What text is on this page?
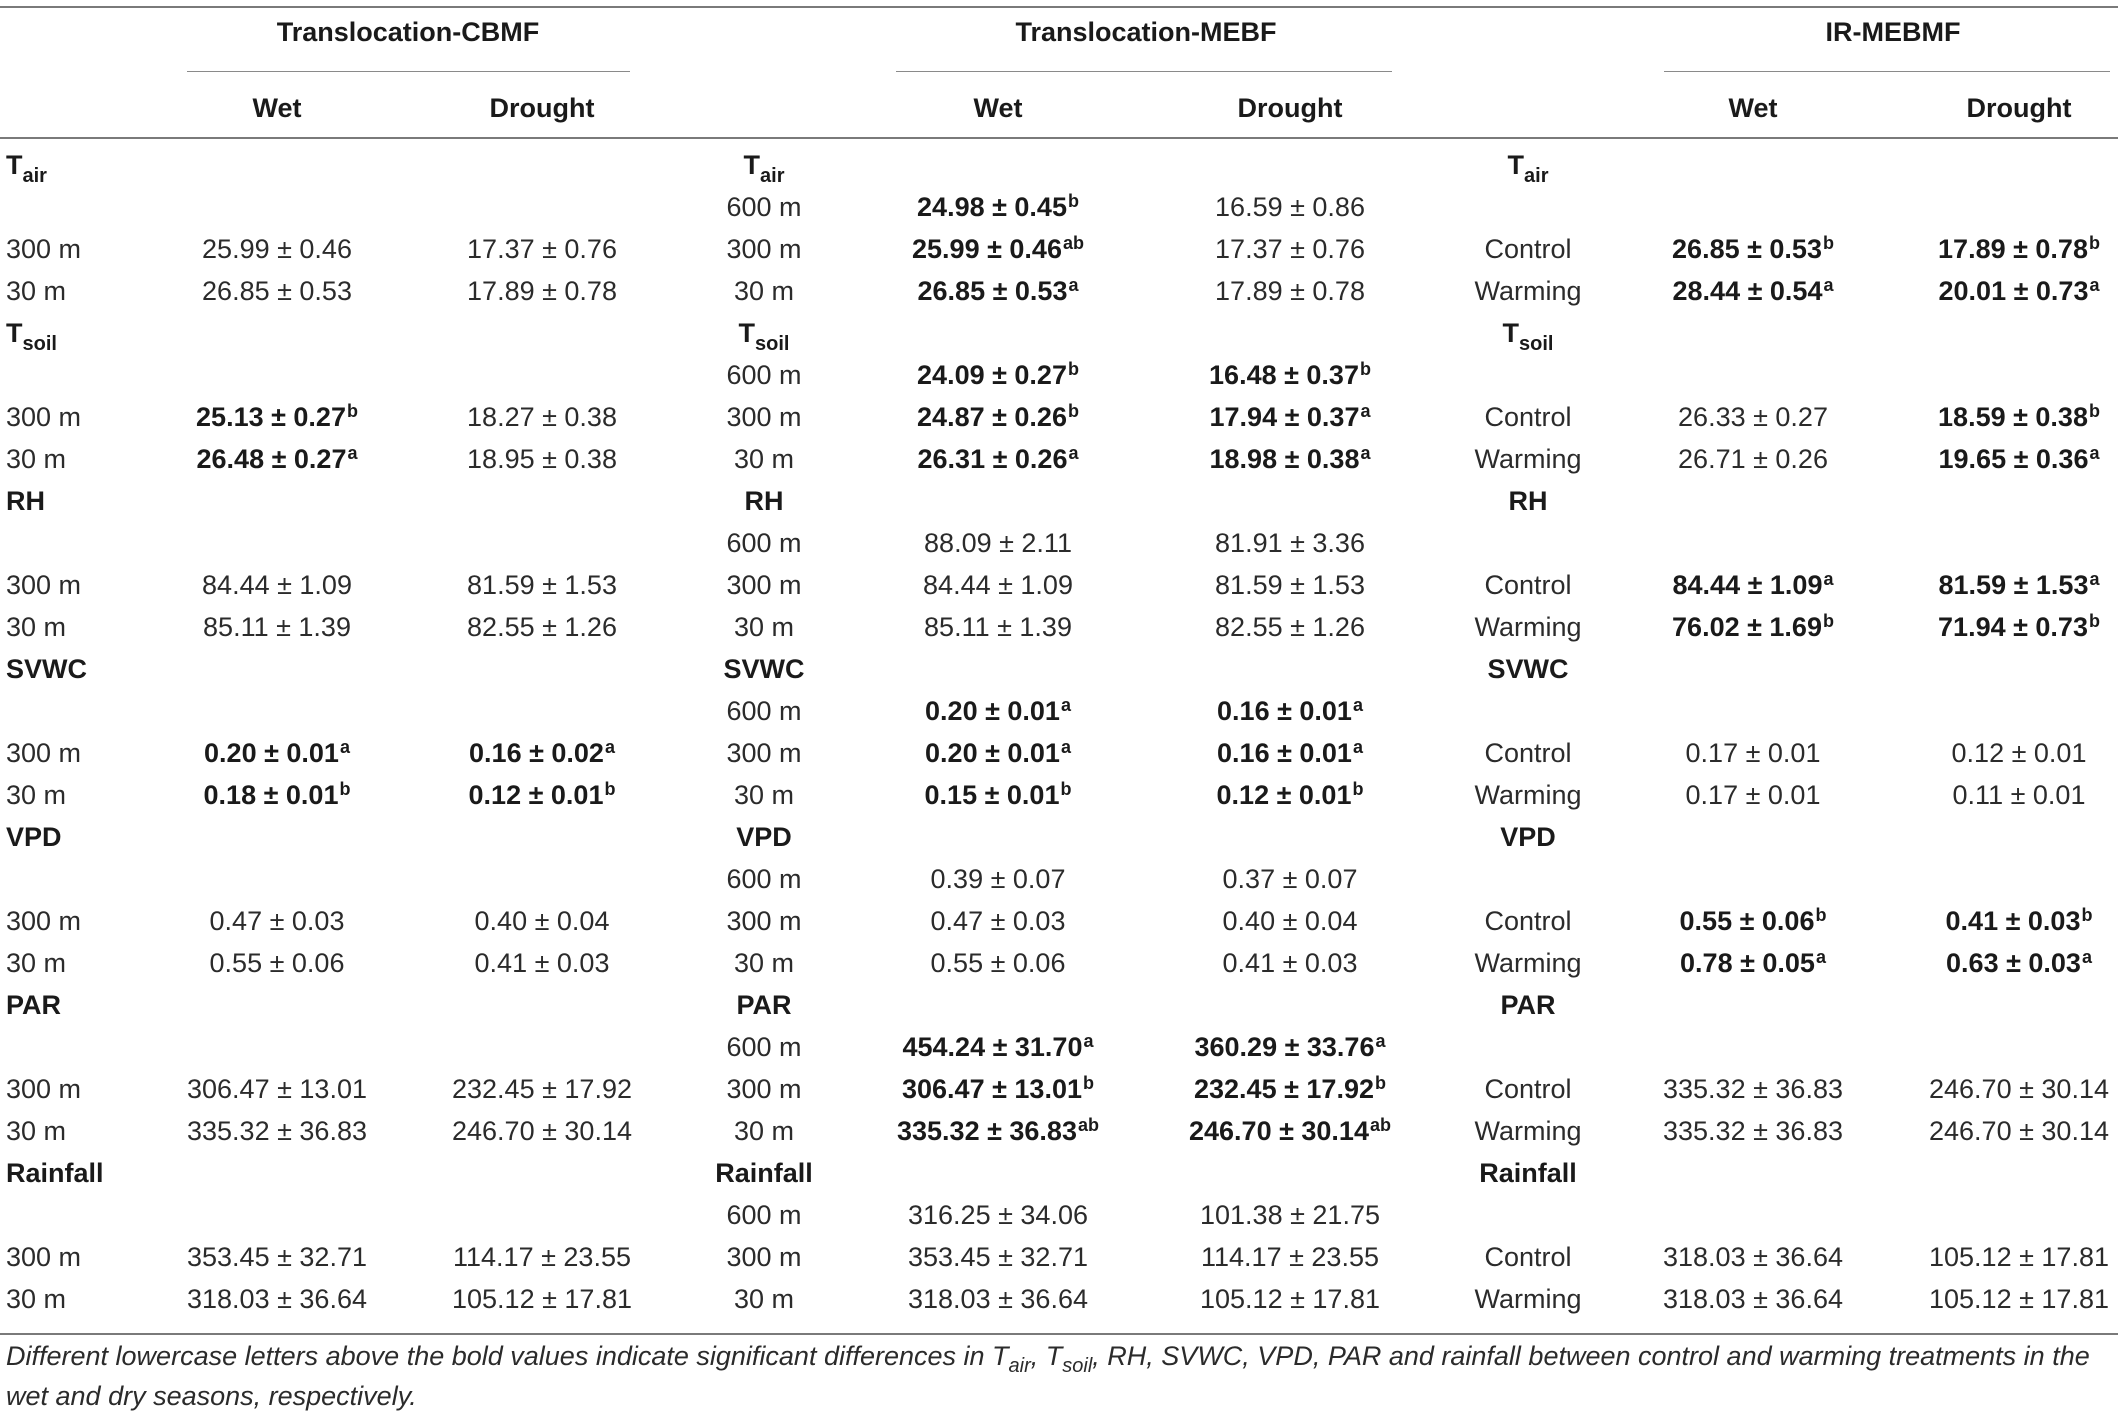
Translocation-CBMF
Wet	Drought
$T_{air}$
300 m	25.99 ± 0.46	17.37 ± 0.76
30 m	26.85 ± 0.53	17.89 ± 0.78
$T_{soil}$
300 m	25.13 ± 0.27$^b$	18.27 ± 0.38
30 m	26.48 ± 0.27$^a$	18.95 ± 0.38
RH
300 m	84.44 ± 1.09	81.59 ± 1.53
30 m	85.11 ± 1.39	82.55 ± 1.26
SVWC
300 m	0.20 ± 0.01$^a$	0.16 ± 0.02$^a$
30 m	0.18 ± 0.01$^b$	0.12 ± 0.01$^b$
VPD
300 m	0.47 ± 0.03	0.40 ± 0.04
30 m	0.55 ± 0.06	0.41 ± 0.03
PAR
300 m	306.47 ± 13.01	232.45 ± 17.92
30 m	335.32 ± 36.83	246.70 ± 30.14
Rainfall
300 m	353.45 ± 32.71	114.17 ± 23.55
30 m	318.03 ± 36.64	105.12 ± 17.81
Translocation-MEBF
Wet	Drought
$T_{air}$
600 m	24.98 ± 0.45$^b$	16.59 ± 0.86
300 m	25.99 ± 0.46$^{ab}$	17.37 ± 0.76
30 m	26.85 ± 0.53$^a$	17.89 ± 0.78
$T_{soil}$
600 m	24.09 ± 0.27$^b$	16.48 ± 0.37$^b$
300 m	24.87 ± 0.26$^b$	17.94 ± 0.37$^a$
30 m	26.31 ± 0.26$^a$	18.98 ± 0.38$^a$
RH
600 m	88.09 ± 2.11	81.91 ± 3.36
300 m	84.44 ± 1.09	81.59 ± 1.53
30 m	85.11 ± 1.39	82.55 ± 1.26
SVWC
600 m	0.20 ± 0.01$^a$	0.16 ± 0.01$^a$
300 m	0.20 ± 0.01$^a$	0.16 ± 0.01$^a$
30 m	0.15 ± 0.01$^b$	0.12 ± 0.01$^b$
VPD
600 m	0.39 ± 0.07	0.37 ± 0.07
300 m	0.47 ± 0.03	0.40 ± 0.04
30 m	0.55 ± 0.06	0.41 ± 0.03
PAR
600 m	454.24 ± 31.70$^a$	360.29 ± 33.76$^a$
300 m	306.47 ± 13.01$^b$	232.45 ± 17.92$^b$
30 m	335.32 ± 36.83$^{ab}$	246.70 ± 30.14$^{ab}$
Rainfall
600 m	316.25 ± 34.06	101.38 ± 21.75
300 m	353.45 ± 32.71	114.17 ± 23.55
30 m	318.03 ± 36.64	105.12 ± 17.81
IR-MEBMF
Wet	Drought
$T_{air}$
Control	26.85 ± 0.53$^b$	17.89 ± 0.78$^b$
Warming	28.44 ± 0.54$^a$	20.01 ± 0.73$^a$
$T_{soil}$
Control	26.33 ± 0.27	18.59 ± 0.38$^b$
Warming	26.71 ± 0.26	19.65 ± 0.36$^a$
RH
Control	84.44 ± 1.09$^a$	81.59 ± 1.53$^a$
Warming	76.02 ± 1.69$^b$	71.94 ± 0.73$^b$
SVWC
Control	0.17 ± 0.01	0.12 ± 0.01
Warming	0.17 ± 0.01	0.11 ± 0.01
VPD
Control	0.55 ± 0.06$^b$	0.41 ± 0.03$^b$
Warming	0.78 ± 0.05$^a$	0.63 ± 0.03$^a$
PAR
Control	335.32 ± 36.83	246.70 ± 30.14
Warming	335.32 ± 36.83	246.70 ± 30.14
Rainfall
Control	318.03 ± 36.64	105.12 ± 17.81
Warming	318.03 ± 36.64	105.12 ± 17.81
Different lowercase letters above the bold values indicate significant differences in $T_{air}$, $T_{soil}$, RH, SVWC, VPD, PAR and rainfall between control and warming treatments in the wet and dry seasons, respectively.
